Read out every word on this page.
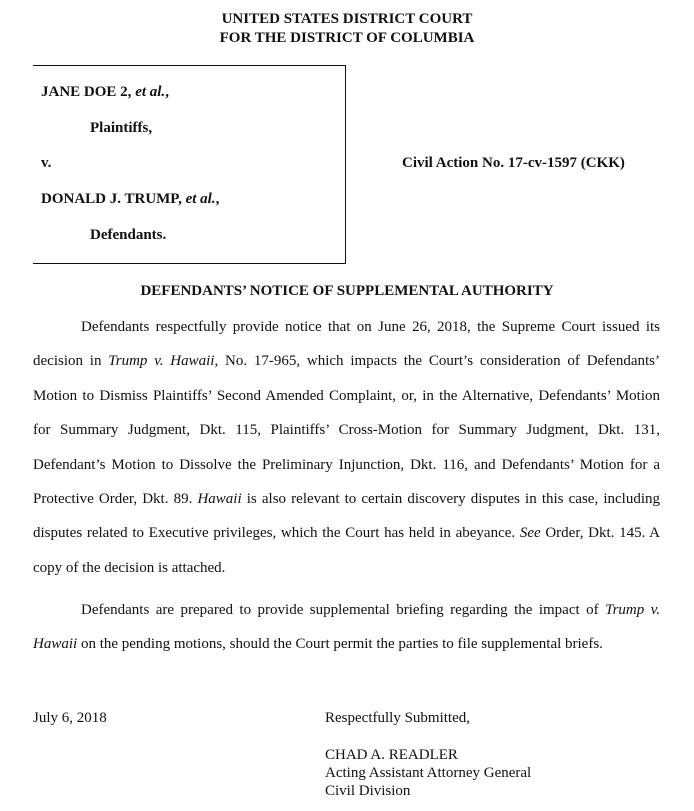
UNITED STATES DISTRICT COURT
FOR THE DISTRICT OF COLUMBIA
JANE DOE 2, et al.,
Plaintiffs,
v.
DONALD J. TRUMP, et al.,
Defendants.
Civil Action No. 17-cv-1597 (CKK)
DEFENDANTS’ NOTICE OF SUPPLEMENTAL AUTHORITY

Defendants respectfully provide notice that on June 26, 2018, the Supreme Court issued its decision in Trump v. Hawaii, No. 17-965, which impacts the Court’s consideration of Defendants’ Motion to Dismiss Plaintiffs’ Second Amended Complaint, or, in the Alternative, Defendants’ Motion for Summary Judgment, Dkt. 115, Plaintiffs’ Cross-Motion for Summary Judgment, Dkt. 131, Defendant’s Motion to Dissolve the Preliminary Injunction, Dkt. 116, and Defendants’ Motion for a Protective Order, Dkt. 89. Hawaii is also relevant to certain discovery disputes in this case, including disputes related to Executive privileges, which the Court has held in abeyance. See Order, Dkt. 145. A copy of the decision is attached.

Defendants are prepared to provide supplemental briefing regarding the impact of Trump v. Hawaii on the pending motions, should the Court permit the parties to file supplemental briefs.

July 6, 2018	Respectfully Submitted,
CHAD A. READLER
Acting Assistant Attorney General
Civil Division
